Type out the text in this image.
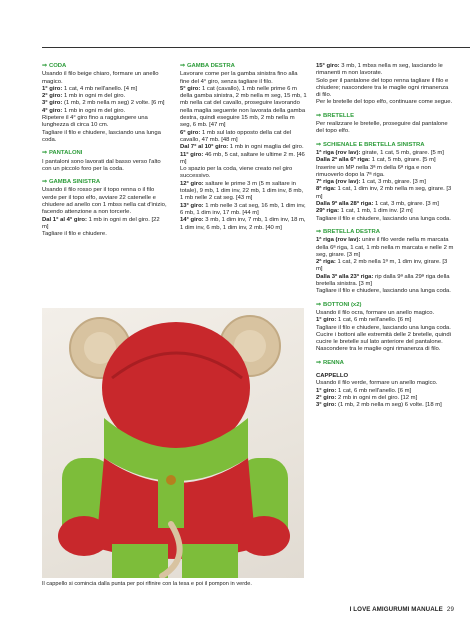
⇒ CODA
Usando il filo beige chiaro, formare un anello magico.
1° giro: 1 cat, 4 mb nell'anello. [4 m]
2° giro: 1 mb in ogni m del giro.
3° giro: (1 mb, 2 mb nella m seg) 2 volte. [6 m]
4° giro: 1 mb in ogni m del giro.
Ripetere il 4° giro fino a raggiungere una lunghezza di circa 10 cm.
Tagliare il filo e chiudere, lasciando una lunga coda.
⇒ PANTALONI
I pantaloni sono lavorati dal basso verso l'alto con un piccolo foro per la coda.
⇒ GAMBA SINISTRA
Usando il filo rosso per il topo renna o il filo verde per il topo elfo, avviare 22 catenelle e chiudere ad anello con 1 mbss nella cat d'inizio, facendo attenzione a non torcerle.
Dal 1° al 4° giro: 1 mb in ogni m del giro. [22 m]
Tagliare il filo e chiudere.
⇒ GAMBA DESTRA
Lavorare come per la gamba sinistra fino alla fine del 4° giro, senza tagliare il filo.
5° giro: 1 cat (cavallo), 1 mb nelle prime 6 m della gamba sinistra, 2 mb nella m seg, 15 mb, 1 mb nella cat del cavallo, proseguire lavorando nella maglia seguente non lavorata della gamba destra, quindi eseguire 15 mb, 2 mb nella m seg, 6 mb. [47 m]
6° giro: 1 mb sul lato opposto della cat del cavallo, 47 mb. [48 m]
Dal 7° al 10° giro: 1 mb in ogni maglia del giro.
11° giro: 46 mb, 5 cat, saltare le ultime 2 m. [46 m]
Lo spazio per la coda, viene creato nel giro successivo.
12° giro: saltare le prime 3 m (5 m saltare in totale), 9 mb, 1 dim inv, 22 mb, 1 dim inv, 8 mb, 1 mb nelle 2 cat seg. [43 m]
13° giro: 1 mb nelle 3 cat seg, 16 mb, 1 dim inv, 6 mb, 1 dim inv, 17 mb. [44 m]
14° giro: 3 mb, 1 dim inv, 7 mb, 1 dim inv, 18 m, 1 dim inv, 6 mb, 1 dim inv, 2 mb. [40 m]
15° giro: 3 mb, 1 mbss nella m seg, lasciando le rimanenti m non lavorate.
Solo per il pantalone del topo renna tagliare il filo e chiudere; nascondere tra le maglie ogni rimanenza di filo.
Per le bretelle del topo elfo, continuare come segue.
⇒ BRETELLE
Per realizzare le bretelle, proseguire dal pantalone del topo elfo.
⇒ SCHIENALE E BRETELLA SINISTRA
1ª riga (rov lav): girate, 1 cat, 5 mb, girare. [5 m]
Dalla 2ª alla 6ª riga: 1 cat, 5 mb, girare. [5 m]
Inserire un MP nella 3ª m della 6ª riga e non rimuoverlo dopo la 7ª riga.
7ª riga (rov lav): 1 cat, 3 mb, girare. [3 m]
8ª riga: 1 cat, 1 dim inv, 2 mb nella m seg, girare. [3 m]
Dalla 9ª alla 28ª riga: 1 cat, 3 mb, girare. [3 m]
29ª riga: 1 cat, 1 mb, 1 dim inv. [2 m]
Tagliare il filo e chiudere, lasciando una lunga coda.
⇒ BRETELLA DESTRA
1ª riga (rov lav): unire il filo verde nella m marcata della 6ª riga, 1 cat, 1 mb nella m marcata e nelle 2 m seg, girare. [3 m]
2ª riga: 1 cat, 2 mb nella 1ª m, 1 dim inv, girare. [3 m]
Dalla 3ª alla 23ª riga: rip dalla 9ª alla 29ª riga della bretella sinistra. [3 m]
Tagliare il filo e chiudere, lasciando una lunga coda.
⇒ BOTTONI (x2)
Usando il filo ocra, formare un anello magico.
1° giro: 1 cat, 6 mb nell'anello. [6 m]
Tagliare il filo e chiudere, lasciando una lunga coda.
Cucire i bottoni alle estremità delle 2 bretelle, quindi cucire le bretelle sul lato anteriore del pantalone.
Nascondere tra le maglie ogni rimanenza di filo.
⇒ RENNA
CAPPELLO
Usando il filo verde, formare un anello magico.
1° giro: 1 cat, 6 mb nell'anello. [6 m]
2° giro: 2 mb in ogni m del giro. [12 m]
3° giro: (1 mb, 2 mb nella m seg) 6 volte. [18 m]
Il cappello si comincia dalla punta per poi rifinire con la tesa e poi il pompon in verde.
I LOVE AMIGURUMI MANUALE 29
